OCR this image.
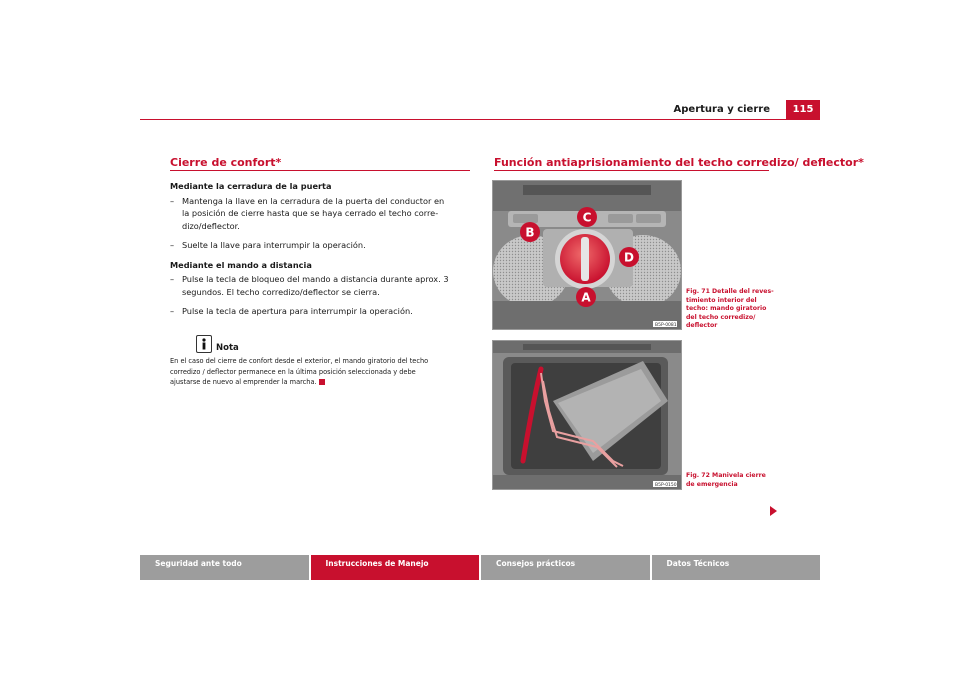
Apertura y cierre	115
Cierre de confort*
Mediante la cerradura de la puerta
– Mantenga la llave en la cerradura de la puerta del conductor en
la posición de cierre hasta que se haya cerrado el techo corre-
dizo/deflector.
– Suelte la llave para interrumpir la operación.
Mediante el mando a distancia
– Pulse la tecla de bloqueo del mando a distancia durante aprox. 3
segundos. El techo corredizo/deflector se cierra.
– Pulse la tecla de apertura para interrumpir la operación.
Nota
En el caso del cierre de confort desde el exterior, el mando giratorio del techo
corredizo / deflector permanece en la última posición seleccionada y debe
ajustarse de nuevo al emprender la marcha.
Función antiaprisionamiento del techo corredizo/ deflector*
A
B
C
D
B5P-0081
Fig. 71 Detalle del reves-
timiento interior del
techo: mando giratorio
del techo corredizo/
deflector
B5P-0150
Fig. 72 Manivela cierre
de emergencia
Seguridad ante todo	Instrucciones de Manejo	Consejos prácticos	Datos Técnicos
